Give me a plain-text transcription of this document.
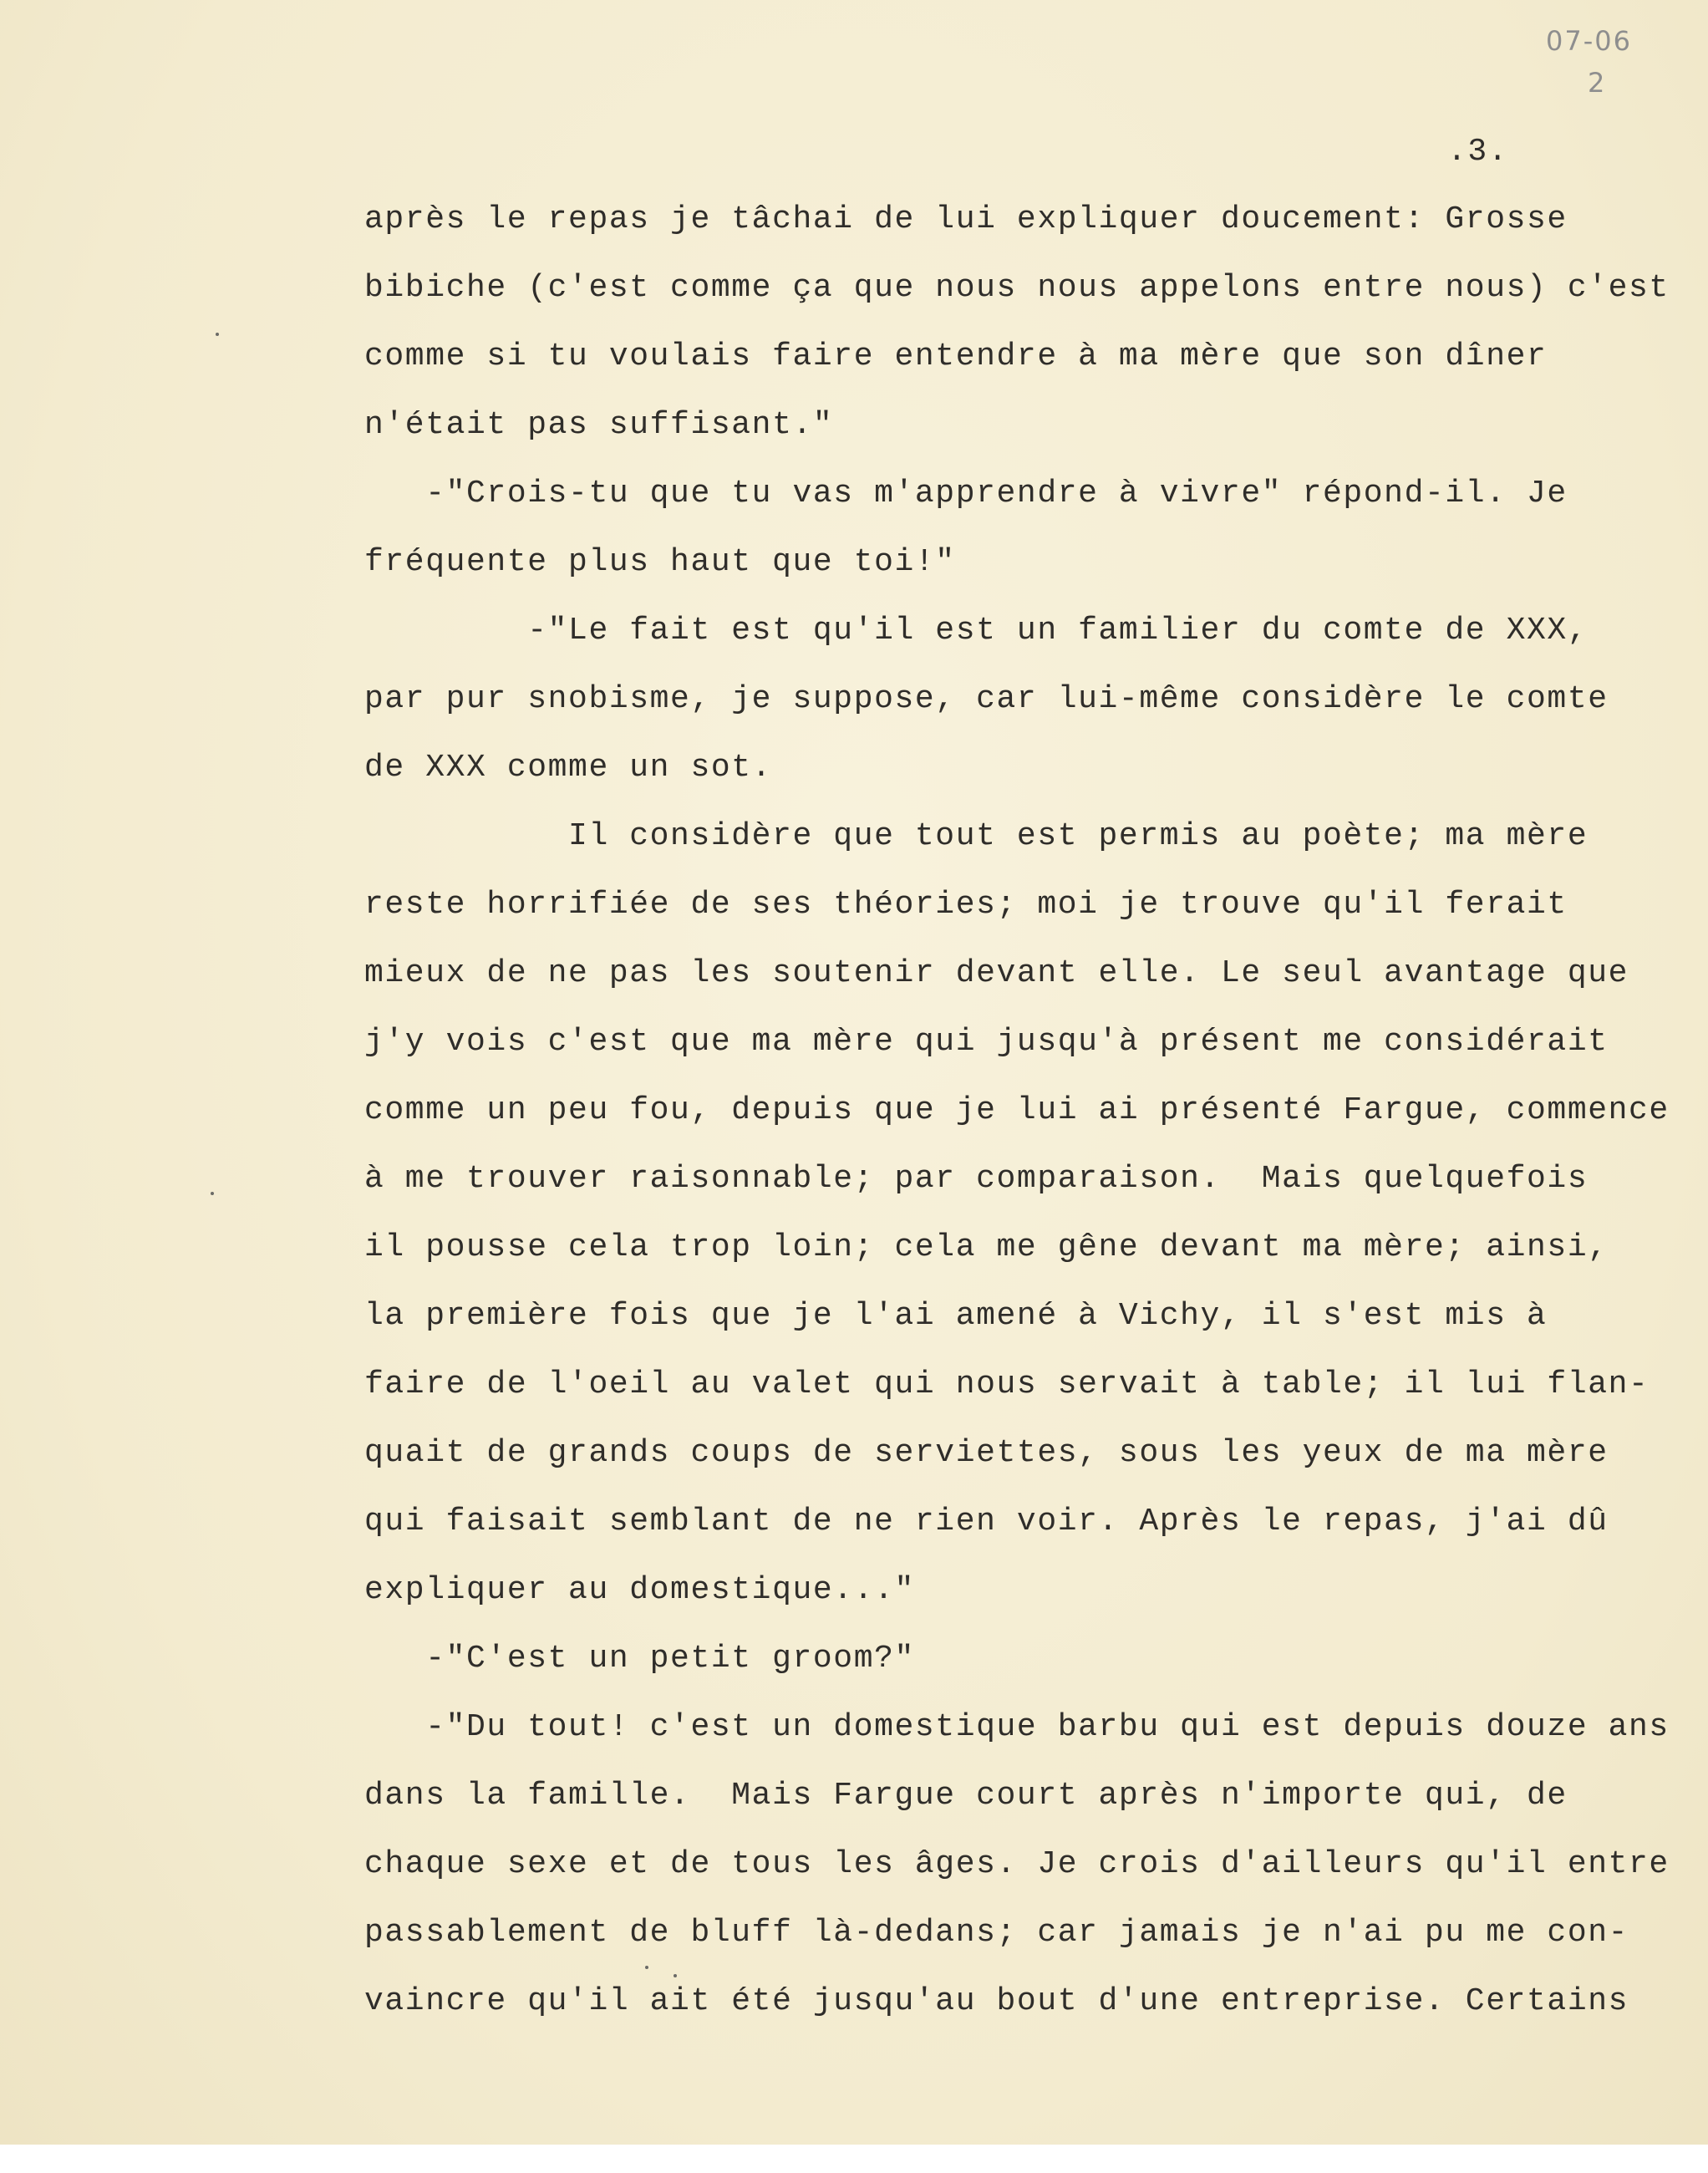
07-06

2

.3.

après le repas je tâchai de lui expliquer doucement: Grosse
bibiche (c'est comme ça que nous nous appelons entre nous) c'est
comme si tu voulais faire entendre à ma mère que son dîner
n'était pas suffisant."
-"Crois-tu que tu vas m'apprendre à vivre" répond-il. Je
fréquente plus haut que toi!"
-"Le fait est qu'il est un familier du comte de XXX,
par pur snobisme, je suppose, car lui-même considère le comte
de XXX comme un sot.
Il considère que tout est permis au poète; ma mère
reste horrifiée de ses théories; moi je trouve qu'il ferait
mieux de ne pas les soutenir devant elle. Le seul avantage que
j'y vois c'est que ma mère qui jusqu'à présent me considérait
comme un peu fou, depuis que je lui ai présenté Fargue, commence
à me trouver raisonnable; par comparaison.  Mais quelquefois
il pousse cela trop loin; cela me gêne devant ma mère; ainsi,
la première fois que je l'ai amené à Vichy, il s'est mis à
faire de l'oeil au valet qui nous servait à table; il lui flan-
quait de grands coups de serviettes, sous les yeux de ma mère
qui faisait semblant de ne rien voir. Après le repas, j'ai dû
expliquer au domestique..."
-"C'est un petit groom?"
-"Du tout! c'est un domestique barbu qui est depuis douze ans
dans la famille.  Mais Fargue court après n'importe qui, de
chaque sexe et de tous les âges. Je crois d'ailleurs qu'il entre
passablement de bluff là-dedans; car jamais je n'ai pu me con-
vaincre qu'il ait été jusqu'au bout d'une entreprise. Certains
